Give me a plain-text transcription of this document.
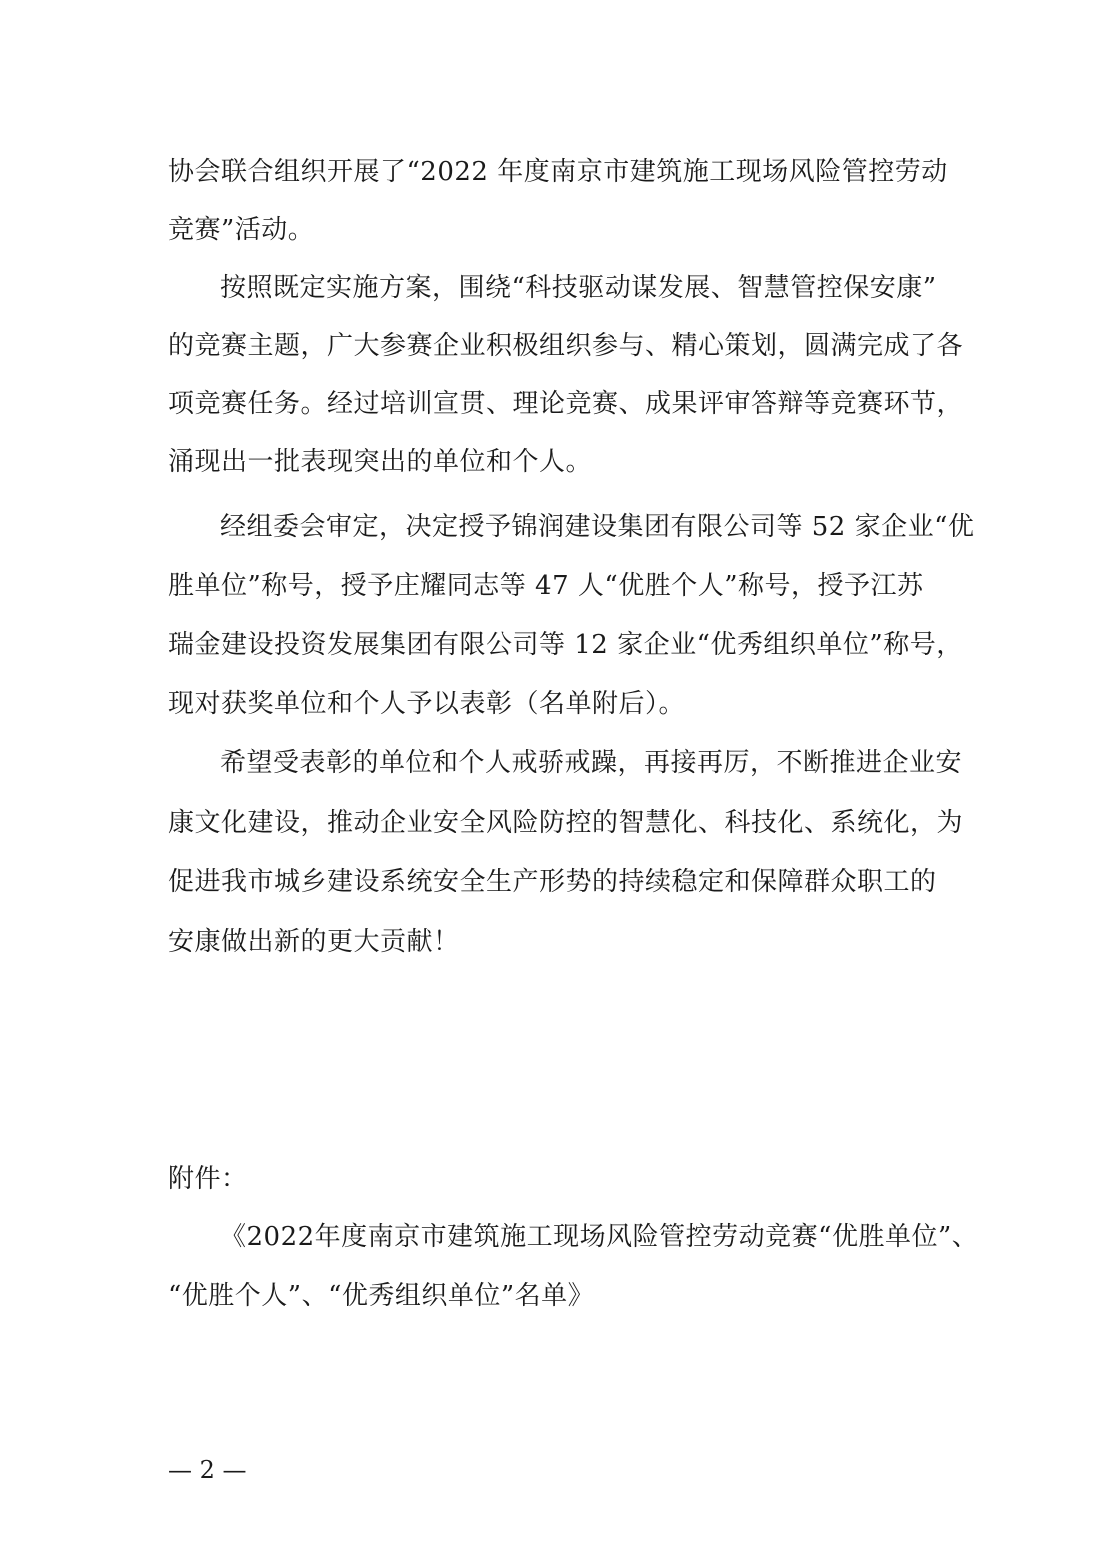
协会联合组织开展了“2022 年度南京市建筑施工现场风险管控劳动
竞赛”活动。
按照既定实施方案，围绕“科技驱动谋发展、智慧管控保安康”
的竞赛主题，广大参赛企业积极组织参与、精心策划，圆满完成了各
项竞赛任务。经过培训宣贯、理论竞赛、成果评审答辩等竞赛环节，
涌现出一批表现突出的单位和个人。
经组委会审定，决定授予锦润建设集团有限公司等 52 家企业“优
胜单位”称号，授予庄耀同志等 47 人“优胜个人”称号，授予江苏
瑞金建设投资发展集团有限公司等 12 家企业“优秀组织单位”称号，
现对获奖单位和个人予以表彰（名单附后）。
希望受表彰的单位和个人戒骄戒躁，再接再厉，不断推进企业安
康文化建设，推动企业安全风险防控的智慧化、科技化、系统化，为
促进我市城乡建设系统安全生产形势的持续稳定和保障群众职工的
安康做出新的更大贡献！
附件：
《2022年度南京市建筑施工现场风险管控劳动竞赛“优胜单位”、
“优胜个人”、“优秀组织单位”名单》
— 2 —
